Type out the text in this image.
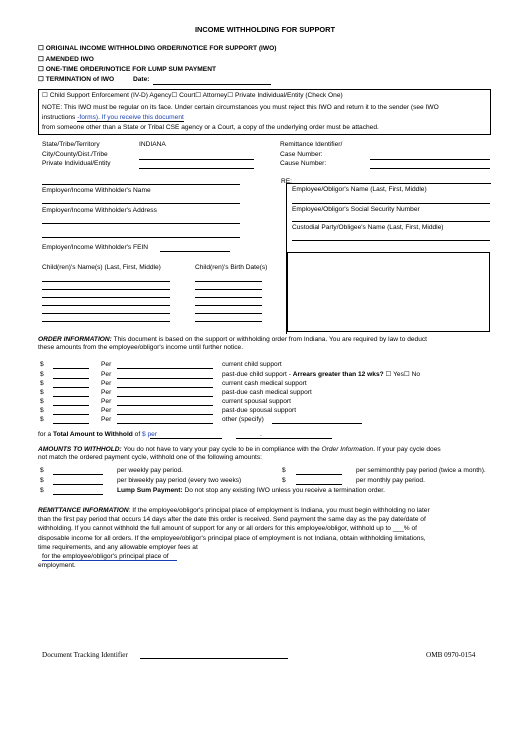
INCOME WITHHOLDING FOR SUPPORT
☐ ORIGINAL INCOME WITHHOLDING ORDER/NOTICE FOR SUPPORT (IWO)
☐ AMENDED IWO
☐ ONE-TIME ORDER/NOTICE FOR LUMP SUM PAYMENT
☐ TERMINATION of IWO	Date:
☐ Child Support Enforcement (IV-D) Agency☐ Court☐ Attorney☐ Private Individual/Entity (Check One)
NOTE: This IWO must be regular on its face. Under certain circumstances you must reject this IWO and return it to the sender (see IWO
instructions -forms). If you receive this document
from someone other than a State or Tribal CSE agency or a Court, a copy of the underlying order must be attached.
State/Tribe/Territory	INDIANA
City/County/Dist./Tribe
Private Individual/Entity
Remittance Identifier/
Case Number:
Cause Number:
RE:
Employer/Income Withholder's Name
Employer/Income Withholder's Address
Employer/Income Withholder's FEIN
Employee/Obligor's Name (Last, First, Middle)
Employee/Obligor's Social Security Number
Custodial Party/Obligee's Name (Last, First, Middle)
Child(ren)'s Name(s) (Last, First, Middle)	Child(ren)'s Birth Date(s)
ORDER INFORMATION: This document is based on the support or withholding order from Indiana. You are required by law to deduct
these amounts from the employee/obligor's income until further notice.
$	Per	current child support
$	Per	past-due child support - Arrears greater than 12 wks? ☐ Yes☐ No
$	Per	current cash medical support
$	Per	past-due cash medical support
$	Per	current spousal support
$	Per	past-due spousal support
$	Per	other (specify)
for a Total Amount to Withhold of $ per	.
AMOUNTS TO WITHHOLD: You do not have to vary your pay cycle to be in compliance with the Order Information. If your pay cycle does
not match the ordered payment cycle, withhold one of the following amounts:
$	per weekly pay period.	$	per semimonthly pay period (twice a month).
$	per biweekly pay period (every two weeks)	$	per monthly pay period.
$	Lump Sum Payment: Do not stop any existing IWO unless you receive a termination order.
REMITTANCE INFORMATION: If the employee/obligor's principal place of employment is Indiana, you must begin withholding no later
than the first pay period that occurs 14 days after the date this order is received. Send payment the same day as the pay date/date of
withholding. If you cannot withhold the full amount of support for any or all orders for this employee/obligor, withhold up to ___% of
disposable income for all orders. If the employee/obligor's principal place of employment is not Indiana, obtain withholding limitations,
time requirements, and any allowable employer fees at
for the employee/obligor's principal place of
employment.
Document Tracking Identifier	OMB 0970-0154
